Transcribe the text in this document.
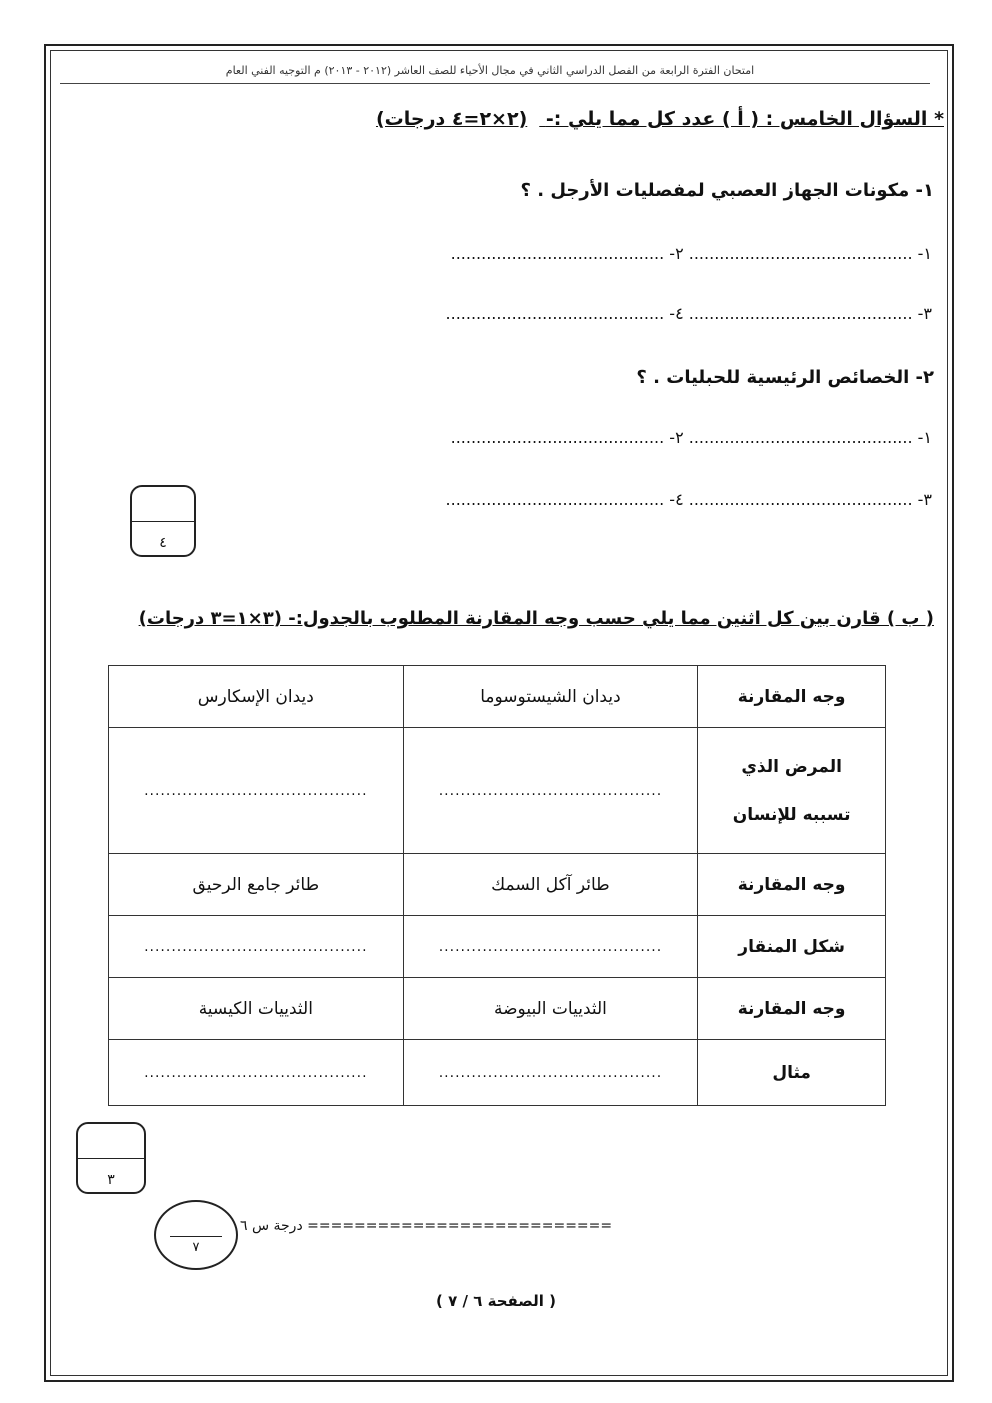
امتحان الفترة الرابعة من الفصل الدراسي الثاني في مجال الأحياء للصف العاشر (٢٠١٢ - ٢٠١٣) م التوجيه الفني العام
* السؤال الخامس : ( أ ) عدد كل مما يلي :- (٢×٢=٤ درجات)
١- مكونات الجهاز العصبي لمفصليات الأرجل . ؟
١- ............................................ ٢- ..........................................
٣- ............................................ ٤- ...........................................
٢- الخصائص الرئيسية للحبليات . ؟
١- ............................................ ٢- ..........................................
٣- ............................................ ٤- ...........................................
٤
( ب ) قارن بين كل اثنين مما يلي حسب وجه المقارنة المطلوب بالجدول:- (٣×١=٣ درجات)
وجه المقارنة	ديدان الشيستوسوما	ديدان الإسكارس

المرض الذي
تسببه للإنسان	.........................................	.........................................
وجه المقارنة	طائر آكل السمك	طائر جامع الرحيق
شكل المنقار	.........................................	.........................................
وجه المقارنة	الثدييات البيوضة	الثدييات الكيسية
مثال	.........................................	.........................................
٣
٧
========================== درجة س ٦
( الصفحة ٦ / ٧ )
